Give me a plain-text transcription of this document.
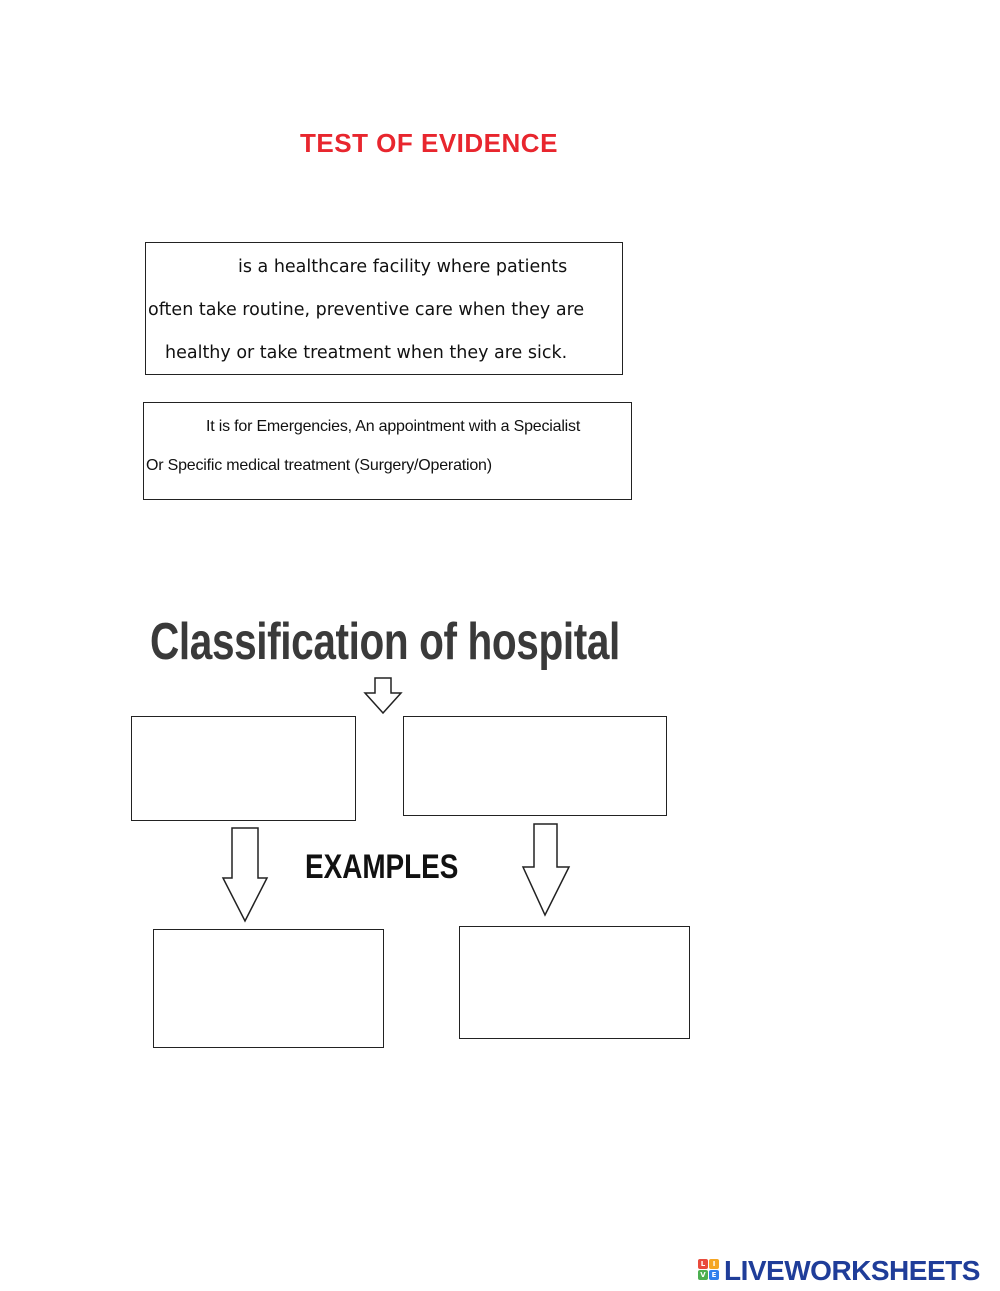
TEST OF EVIDENCE
is a healthcare facility where patients
often take routine, preventive care when they are
healthy or take treatment when they are sick.
It is for Emergencies, An appointment with a Specialist
Or Specific medical treatment (Surgery/Operation)
Classification of hospital
EXAMPLES
L	I
V E LIVEWORKSHEETS
